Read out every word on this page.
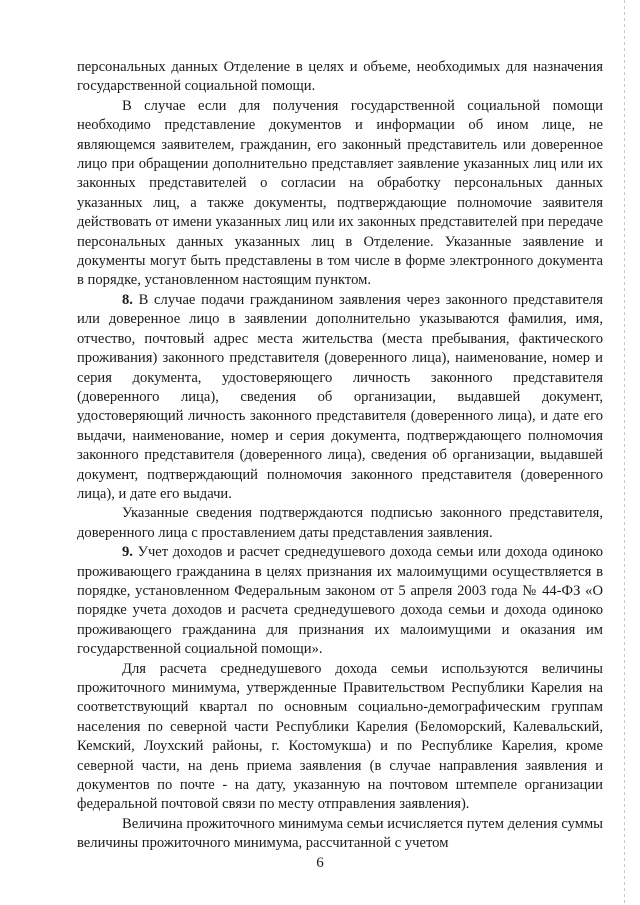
персональных данных Отделение в целях и объеме, необходимых для назначения государственной социальной помощи.

В случае если для получения государственной социальной помощи необходимо представление документов и информации об ином лице, не являющемся заявителем, гражданин, его законный представитель или доверенное лицо при обращении дополнительно представляет заявление указанных лиц или их законных представителей о согласии на обработку персональных данных указанных лиц, а также документы, подтверждающие полномочие заявителя действовать от имени указанных лиц или их законных представителей при передаче персональных данных указанных лиц в Отделение. Указанные заявление и документы могут быть представлены в том числе в форме электронного документа в порядке, установленном настоящим пунктом.

8. В случае подачи гражданином заявления через законного представителя или доверенное лицо в заявлении дополнительно указываются фамилия, имя, отчество, почтовый адрес места жительства (места пребывания, фактического проживания) законного представителя (доверенного лица), наименование, номер и серия документа, удостоверяющего личность законного представителя (доверенного лица), сведения об организации, выдавшей документ, удостоверяющий личность законного представителя (доверенного лица), и дате его выдачи, наименование, номер и серия документа, подтверждающего полномочия законного представителя (доверенного лица), сведения об организации, выдавшей документ, подтверждающий полномочия законного представителя (доверенного лица), и дате его выдачи.

Указанные сведения подтверждаются подписью законного представителя, доверенного лица с проставлением даты представления заявления.

9. Учет доходов и расчет среднедушевого дохода семьи или дохода одиноко проживающего гражданина в целях признания их малоимущими осуществляется в порядке, установленном Федеральным законом от 5 апреля 2003 года № 44-ФЗ «О порядке учета доходов и расчета среднедушевого дохода семьи и дохода одиноко проживающего гражданина для признания их малоимущими и оказания им государственной социальной помощи».

Для расчета среднедушевого дохода семьи используются величины прожиточного минимума, утвержденные Правительством Республики Карелия на соответствующий квартал по основным социально-демографическим группам населения по северной части Республики Карелия (Беломорский, Калевальский, Кемский, Лоухский районы, г. Костомукша) и по Республике Карелия, кроме северной части, на день приема заявления (в случае направления заявления и документов по почте - на дату, указанную на почтовом штемпеле организации федеральной почтовой связи по месту отправления заявления).

Величина прожиточного минимума семьи исчисляется путем деления суммы величины прожиточного минимума, рассчитанной с учетом

6
